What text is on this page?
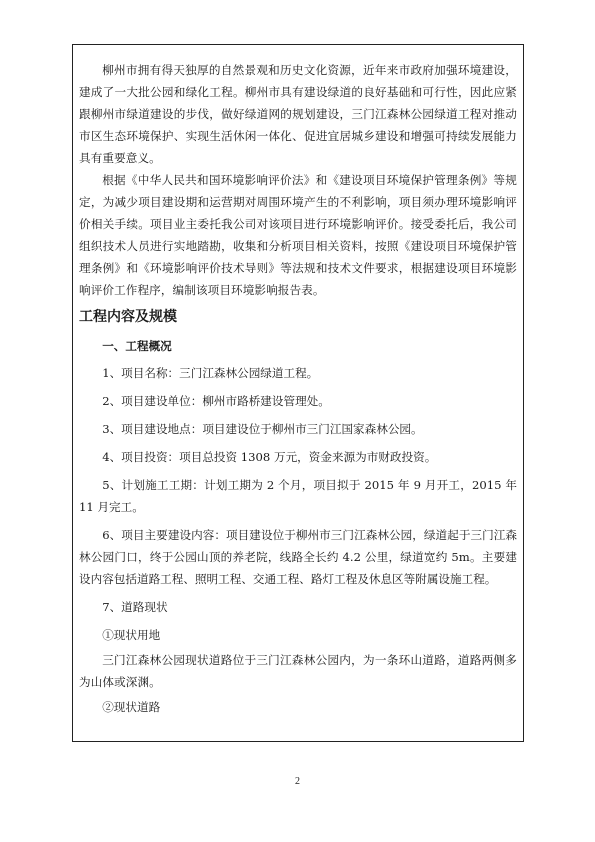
柳州市拥有得天独厚的自然景观和历史文化资源，近年来市政府加强环境建设，建成了一大批公园和绿化工程。柳州市具有建设绿道的良好基础和可行性，因此应紧跟柳州市绿道建设的步伐，做好绿道网的规划建设，三门江森林公园绿道工程对推动市区生态环境保护、实现生活休闲一体化、促进宜居城乡建设和增强可持续发展能力具有重要意义。

根据《中华人民共和国环境影响评价法》和《建设项目环境保护管理条例》等规定，为减少项目建设期和运营期对周围环境产生的不利影响，项目须办理环境影响评价相关手续。项目业主委托我公司对该项目进行环境影响评价。接受委托后，我公司组织技术人员进行实地踏勘，收集和分析项目相关资料，按照《建设项目环境保护管理条例》和《环境影响评价技术导则》等法规和技术文件要求，根据建设项目环境影响评价工作程序，编制该项目环境影响报告表。

工程内容及规模
一、工程概况

1、项目名称：三门江森林公园绿道工程。

2、项目建设单位：柳州市路桥建设管理处。

3、项目建设地点：项目建设位于柳州市三门江国家森林公园。

4、项目投资：项目总投资 1308 万元，资金来源为市财政投资。

5、计划施工工期：计划工期为 2 个月，项目拟于 2015 年 9 月开工，2015 年 11 月完工。

6、项目主要建设内容：项目建设位于柳州市三门江森林公园，绿道起于三门江森林公园门口，终于公园山顶的养老院，线路全长约 4.2 公里，绿道宽约 5m。主要建设内容包括道路工程、照明工程、交通工程、路灯工程及休息区等附属设施工程。

7、道路现状

①现状用地

三门江森林公园现状道路位于三门江森林公园内，为一条环山道路，道路两侧多为山体或深渊。

②现状道路

2
